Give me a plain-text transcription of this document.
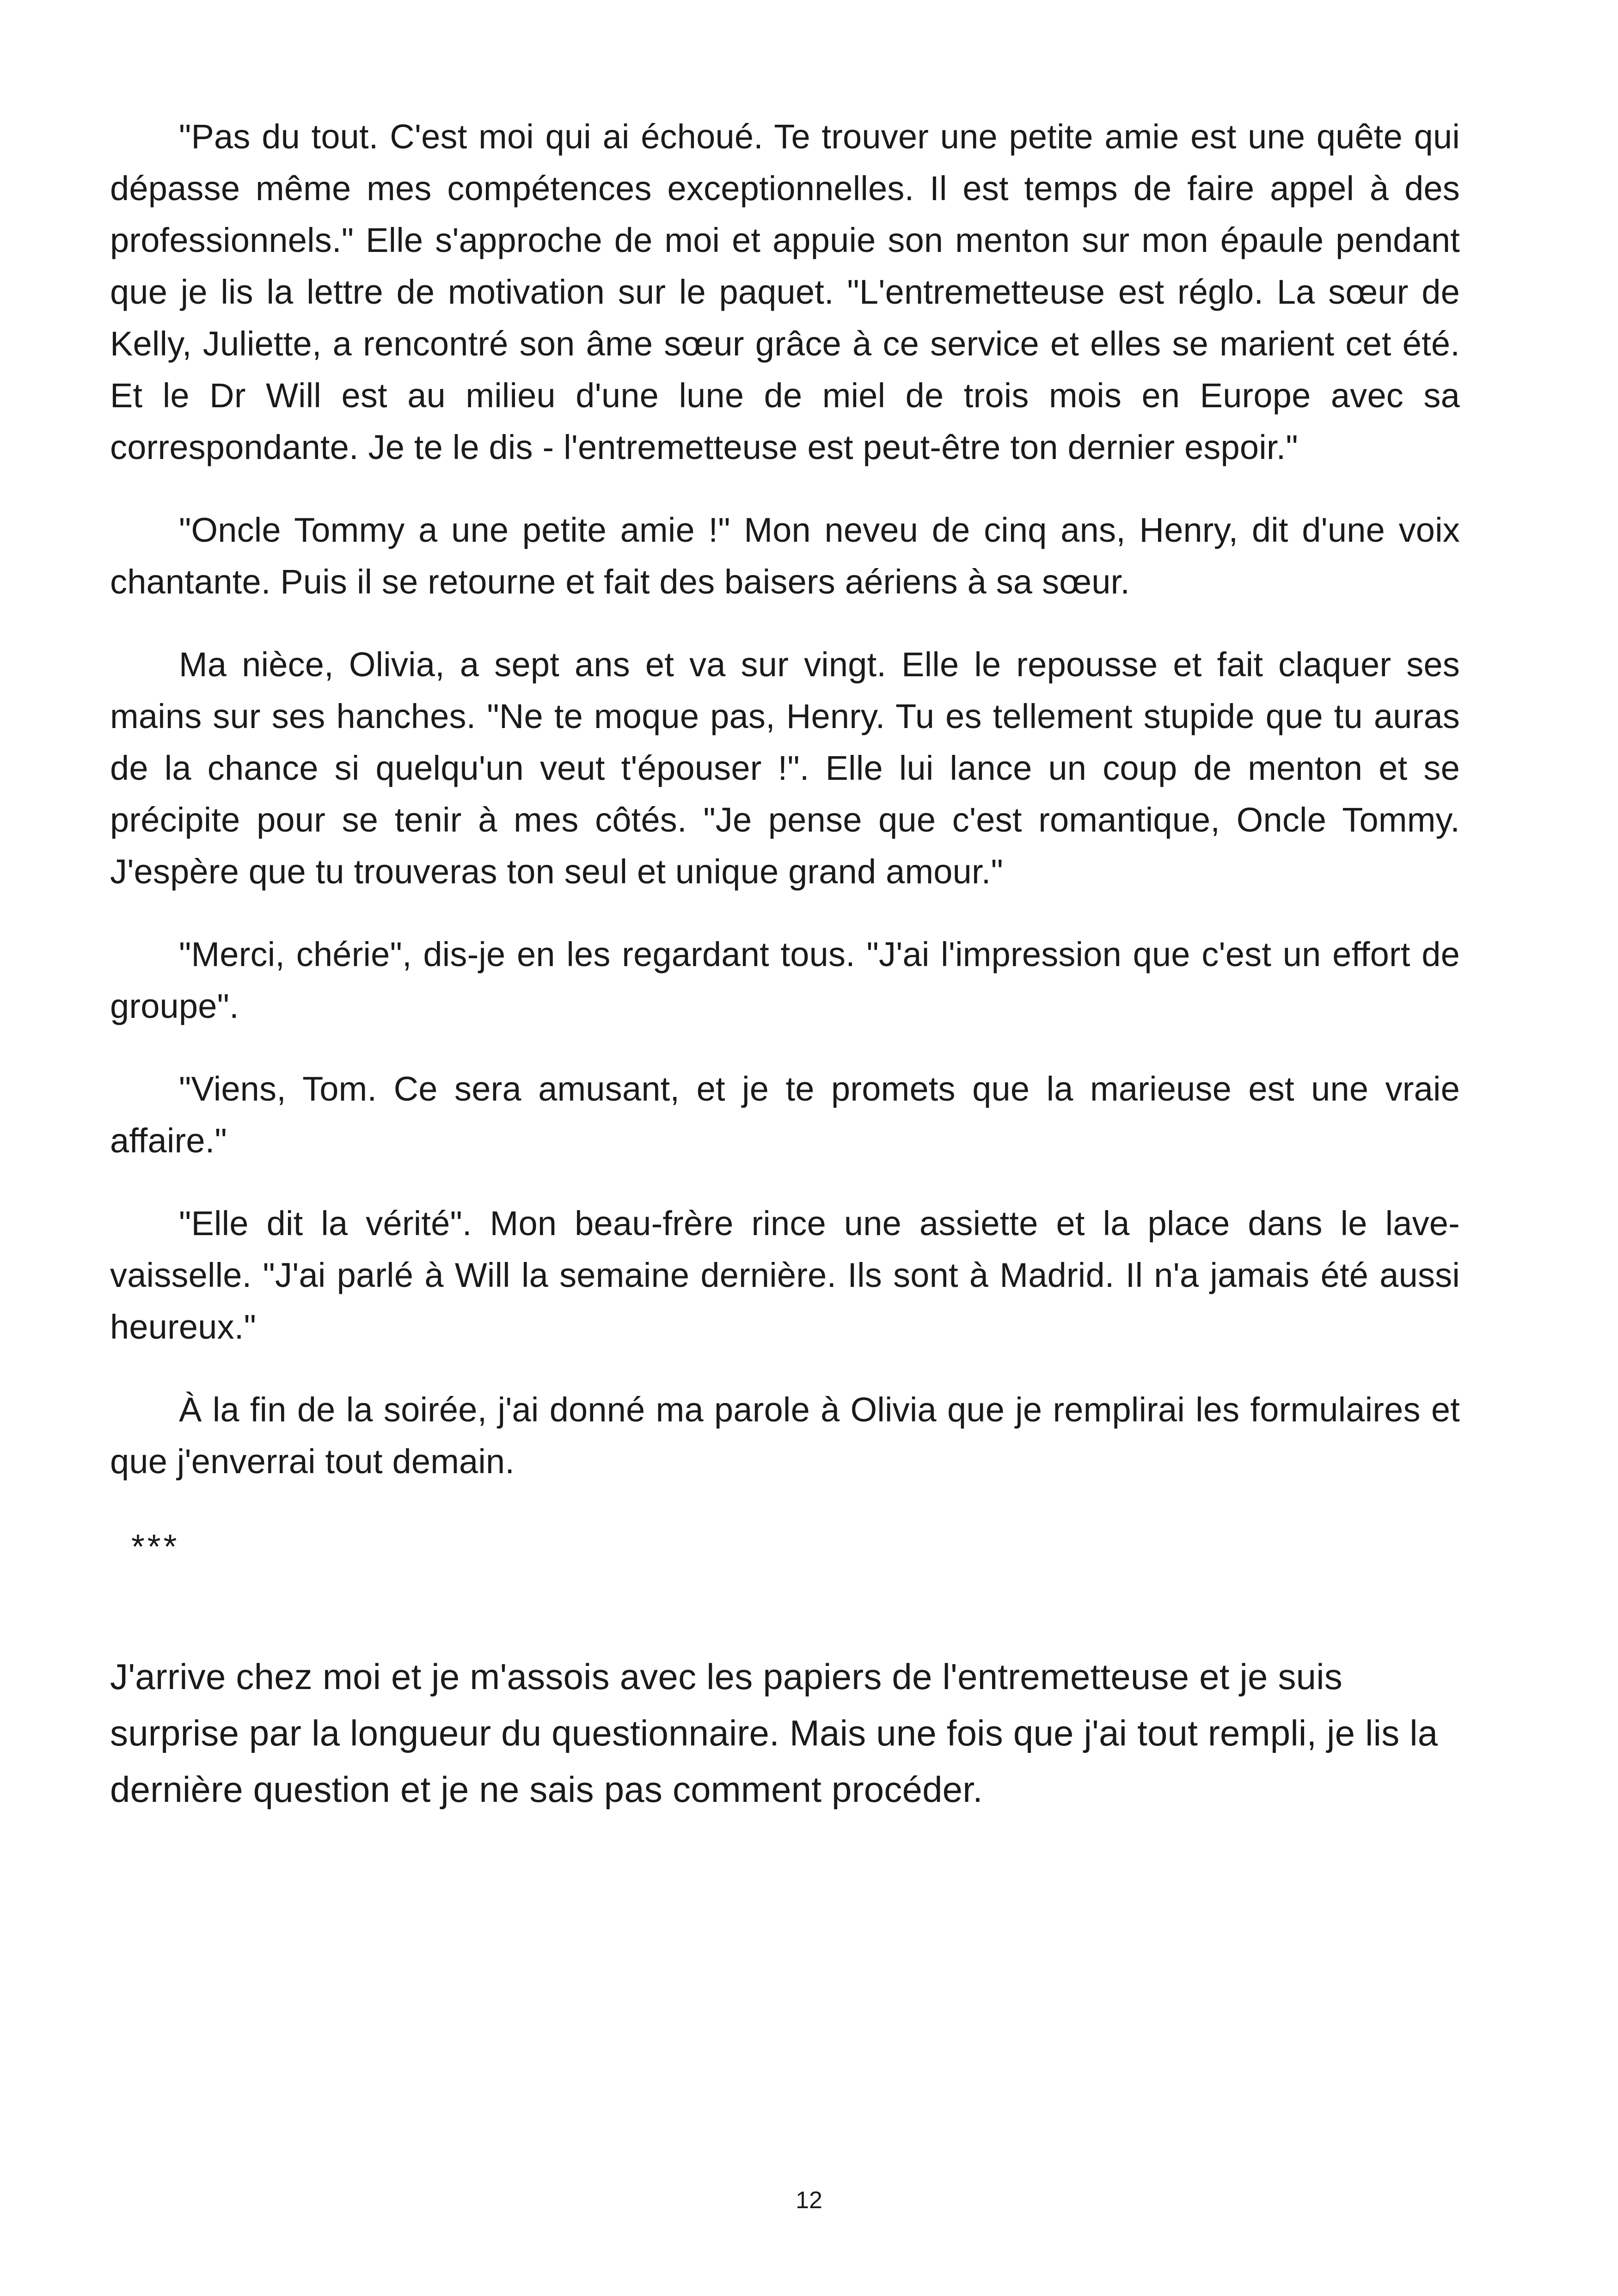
"Pas du tout. C'est moi qui ai échoué. Te trouver une petite amie est une quête qui dépasse même mes compétences exceptionnelles. Il est temps de faire appel à des professionnels." Elle s'approche de moi et appuie son menton sur mon épaule pendant que je lis la lettre de motivation sur le paquet. "L'entremetteuse est réglo. La sœur de Kelly, Juliette, a rencontré son âme sœur grâce à ce service et elles se marient cet été. Et le Dr Will est au milieu d'une lune de miel de trois mois en Europe avec sa correspondante. Je te le dis - l'entremetteuse est peut-être ton dernier espoir."

"Oncle Tommy a une petite amie !" Mon neveu de cinq ans, Henry, dit d'une voix chantante. Puis il se retourne et fait des baisers aériens à sa sœur.

Ma nièce, Olivia, a sept ans et va sur vingt. Elle le repousse et fait claquer ses mains sur ses hanches. "Ne te moque pas, Henry. Tu es tellement stupide que tu auras de la chance si quelqu'un veut t'épouser !". Elle lui lance un coup de menton et se précipite pour se tenir à mes côtés. "Je pense que c'est romantique, Oncle Tommy. J'espère que tu trouveras ton seul et unique grand amour."

"Merci, chérie", dis-je en les regardant tous. "J'ai l'impression que c'est un effort de groupe".

"Viens, Tom. Ce sera amusant, et je te promets que la marieuse est une vraie affaire."

"Elle dit la vérité". Mon beau-frère rince une assiette et la place dans le lave-vaisselle. "J'ai parlé à Will la semaine dernière. Ils sont à Madrid. Il n'a jamais été aussi heureux."

À la fin de la soirée, j'ai donné ma parole à Olivia que je remplirai les formulaires et que j'enverrai tout demain.

***

J'arrive chez moi et je m'assois avec les papiers de l'entremetteuse et je suis surprise par la longueur du questionnaire. Mais une fois que j'ai tout rempli, je lis la dernière question et je ne sais pas comment procéder.

12
